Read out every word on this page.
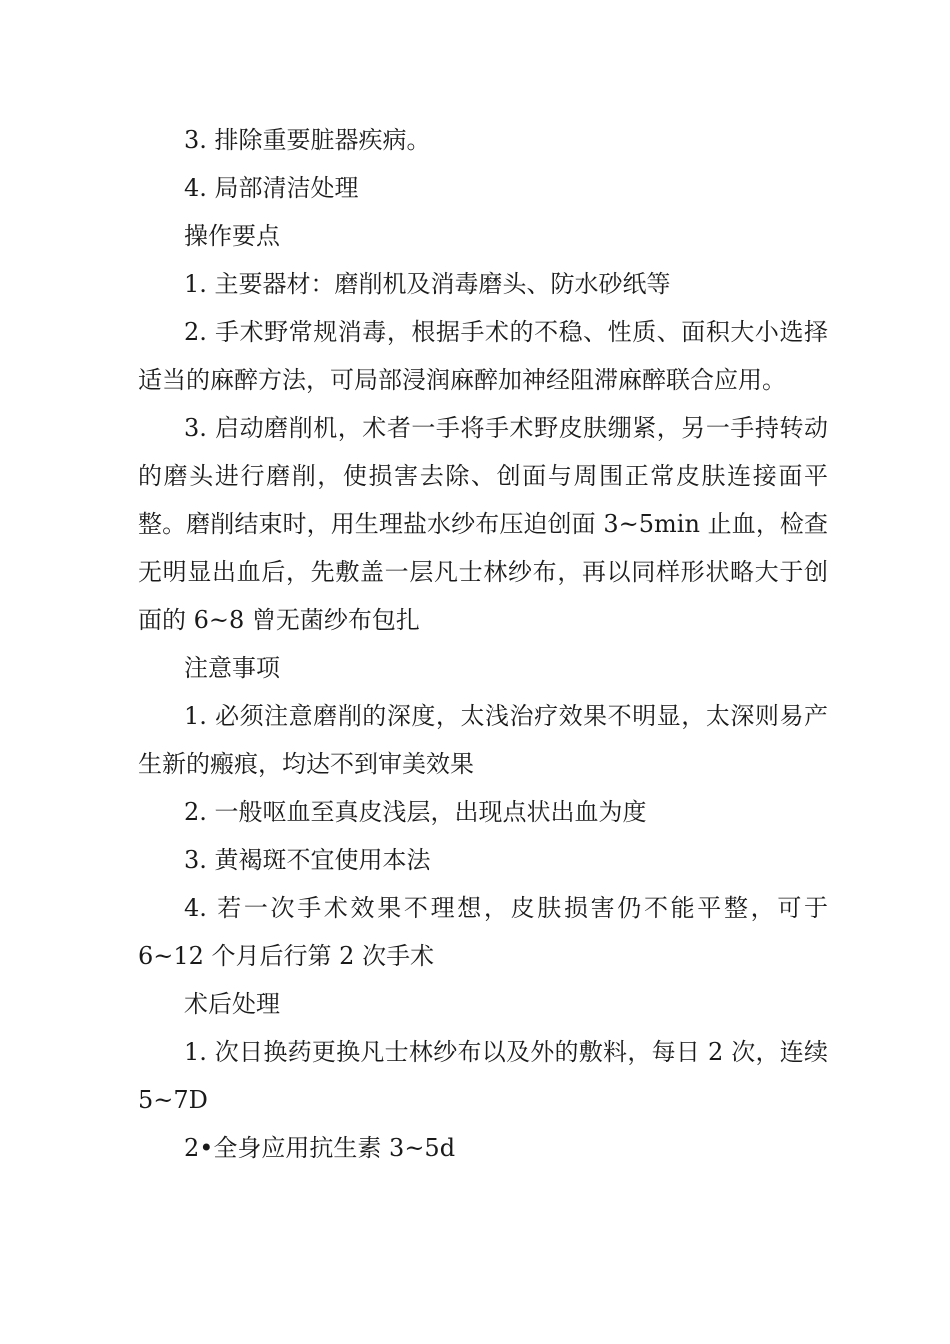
3. 排除重要脏器疾病。

4. 局部清洁处理

操作要点

1. 主要器材：磨削机及消毒磨头、防水砂纸等

2. 手术野常规消毒，根据手术的不稳、性质、面积大小选择适当的麻醉方法，可局部浸润麻醉加神经阻滞麻醉联合应用。

3. 启动磨削机，术者一手将手术野皮肤绷紧，另一手持转动的磨头进行磨削，使损害去除、创面与周围正常皮肤连接面平整。磨削结束时，用生理盐水纱布压迫创面 3~5min 止血，检查无明显出血后，先敷盖一层凡士林纱布，再以同样形状略大于创面的 6~8 曾无菌纱布包扎

注意事项

1. 必须注意磨削的深度，太浅治疗效果不明显，太深则易产生新的瘢痕，均达不到审美效果

2. 一般呕血至真皮浅层，出现点状出血为度

3. 黄褐斑不宜使用本法

4. 若一次手术效果不理想，皮肤损害仍不能平整，可于 6~12 个月后行第 2 次手术

术后处理

1. 次日换药更换凡士林纱布以及外的敷料，每日 2 次，连续 5~7D

2•全身应用抗生素 3~5d
